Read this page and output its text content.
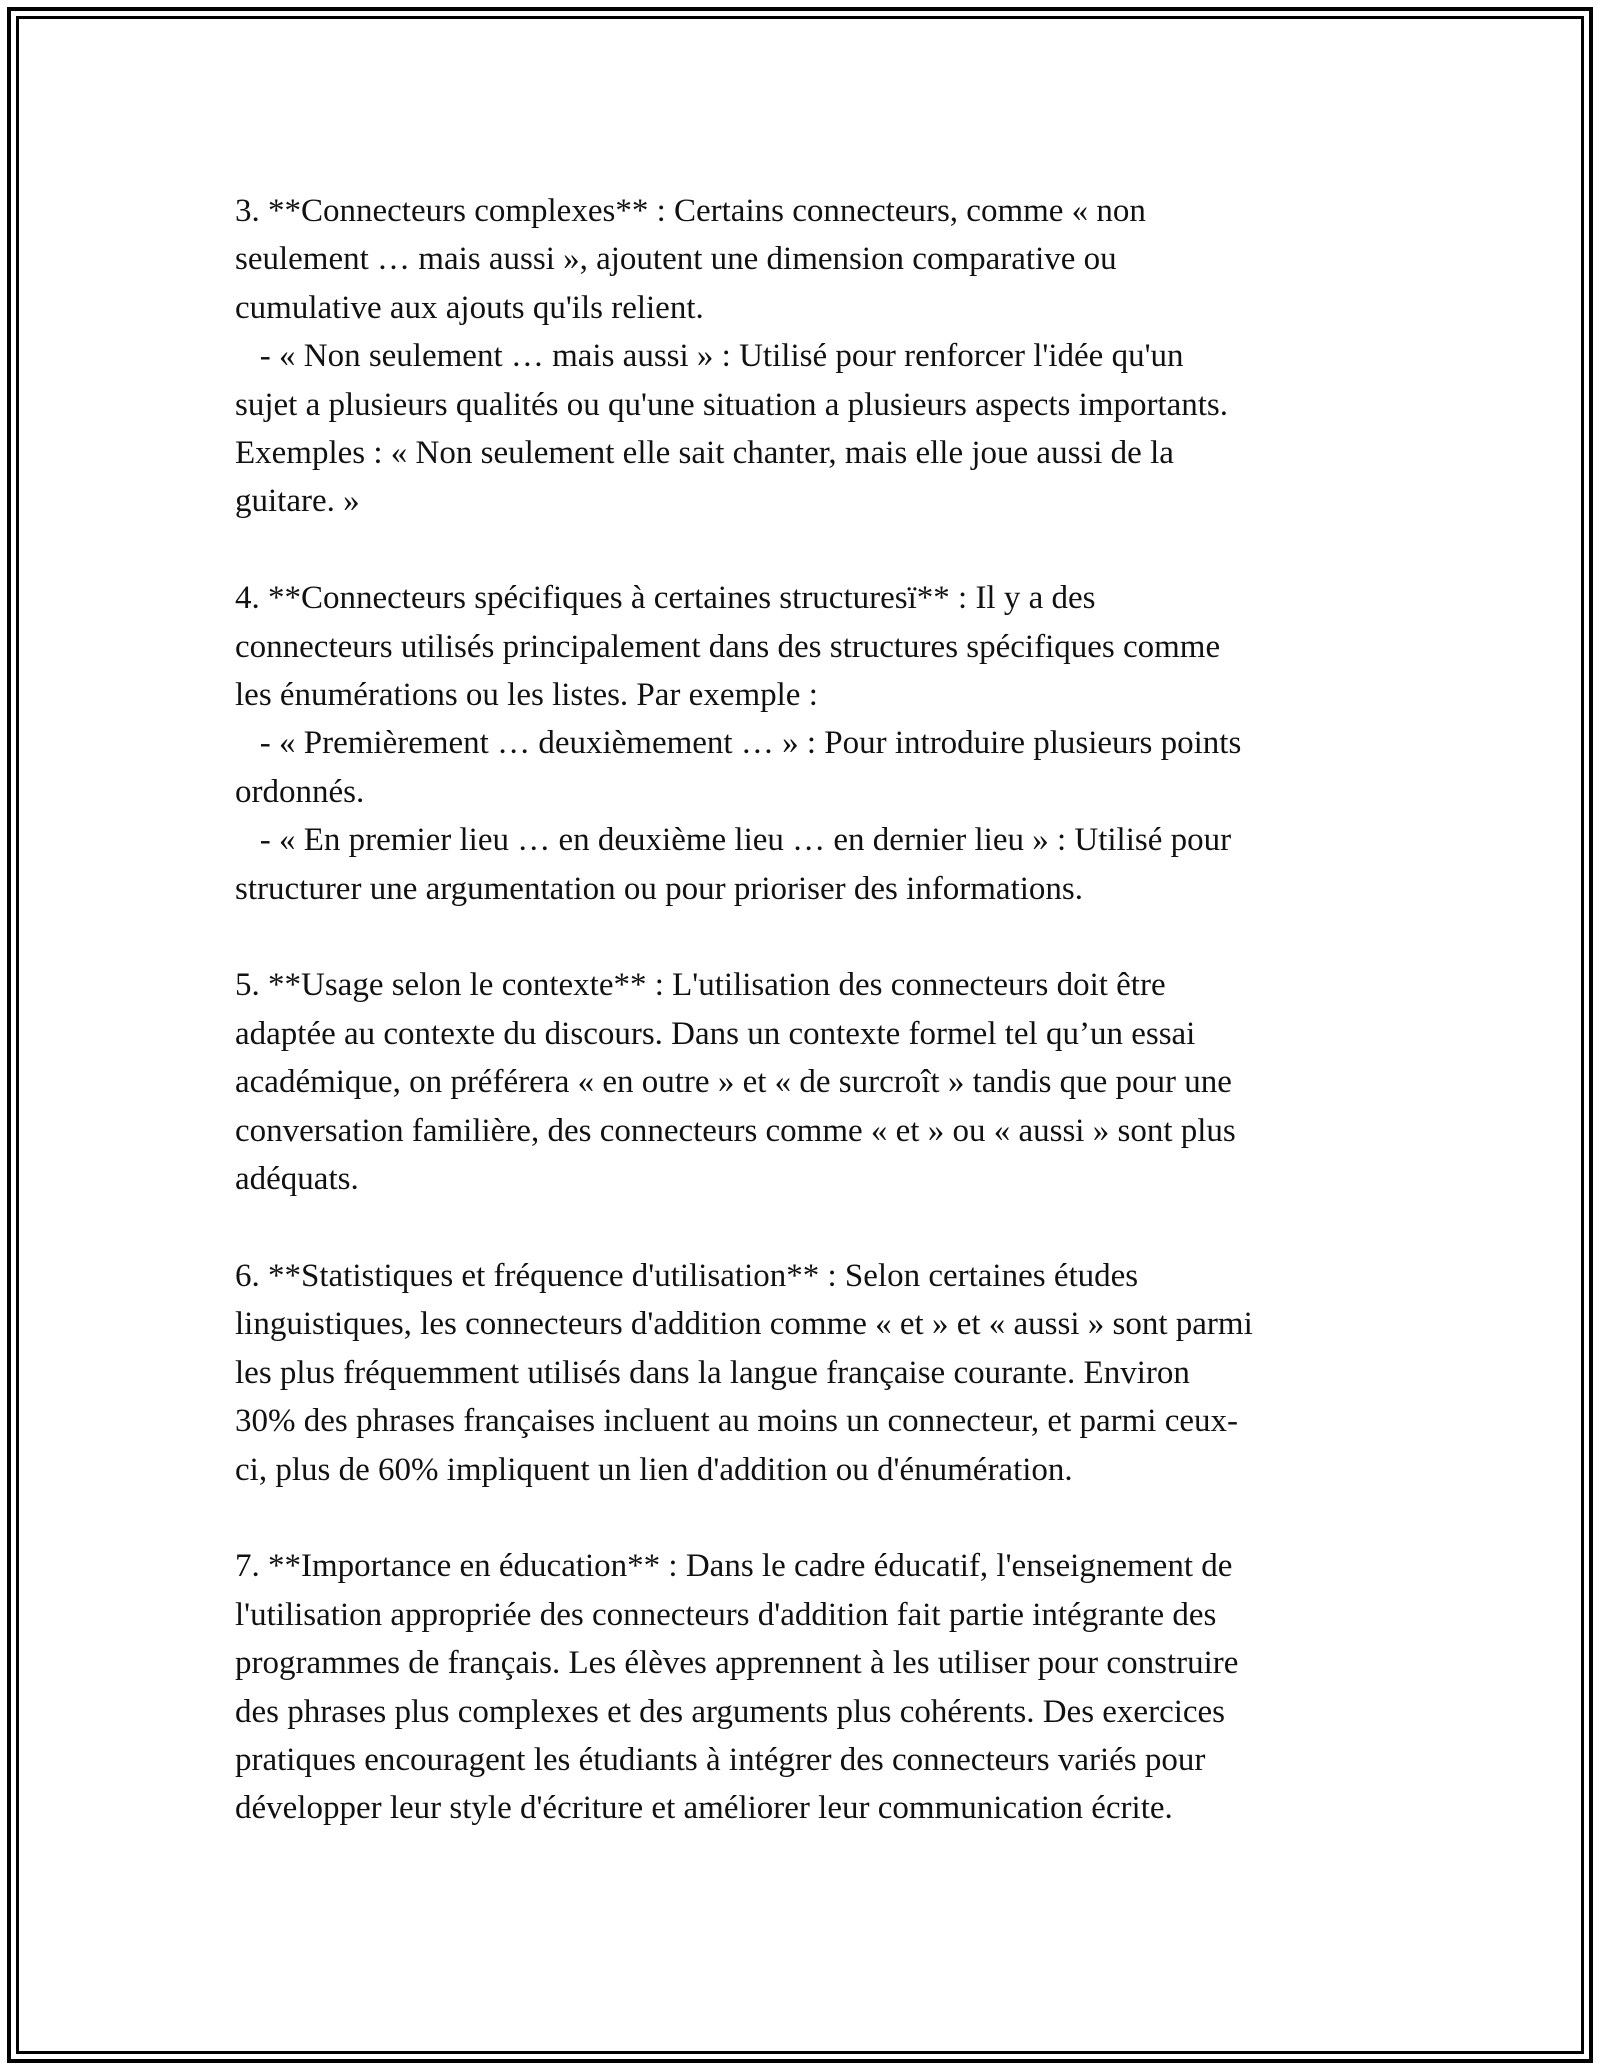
3. **Connecteurs complexes** : Certains connecteurs, comme « non
seulement … mais aussi », ajoutent une dimension comparative ou
cumulative aux ajouts qu'ils relient.
- « Non seulement … mais aussi » : Utilisé pour renforcer l'idée qu'un
sujet a plusieurs qualités ou qu'une situation a plusieurs aspects importants.
Exemples : « Non seulement elle sait chanter, mais elle joue aussi de la
guitare. »
4. **Connecteurs spécifiques à certaines structuresï** : Il y a des
connecteurs utilisés principalement dans des structures spécifiques comme
les énumérations ou les listes. Par exemple :
- « Premièrement … deuxièmement … » : Pour introduire plusieurs points
ordonnés.
- « En premier lieu … en deuxième lieu … en dernier lieu » : Utilisé pour
structurer une argumentation ou pour prioriser des informations.
5. **Usage selon le contexte** : L'utilisation des connecteurs doit être
adaptée au contexte du discours. Dans un contexte formel tel qu’un essai
académique, on préférera « en outre » et « de surcroît » tandis que pour une
conversation familière, des connecteurs comme « et » ou « aussi » sont plus
adéquats.
6. **Statistiques et fréquence d'utilisation** : Selon certaines études
linguistiques, les connecteurs d'addition comme « et » et « aussi » sont parmi
les plus fréquemment utilisés dans la langue française courante. Environ
30% des phrases françaises incluent au moins un connecteur, et parmi ceux-
ci, plus de 60% impliquent un lien d'addition ou d'énumération.
7. **Importance en éducation** : Dans le cadre éducatif, l'enseignement de
l'utilisation appropriée des connecteurs d'addition fait partie intégrante des
programmes de français. Les élèves apprennent à les utiliser pour construire
des phrases plus complexes et des arguments plus cohérents. Des exercices
pratiques encouragent les étudiants à intégrer des connecteurs variés pour
développer leur style d'écriture et améliorer leur communication écrite.
